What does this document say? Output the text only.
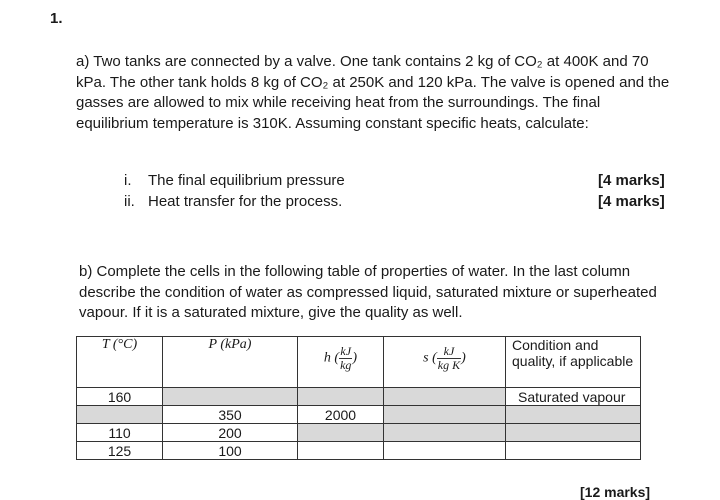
1.
a) Two tanks are connected by a valve. One tank contains 2 kg of CO₂ at 400K and 70 kPa. The other tank holds 8 kg of CO₂ at 250K and 120 kPa. The valve is opened and the gasses are allowed to mix while receiving heat from the surroundings. The final equilibrium temperature is 310K. Assuming constant specific heats, calculate:
i. The final equilibrium pressure	[4 marks]
ii. Heat transfer for the process.	[4 marks]
b) Complete the cells in the following table of properties of water. In the last column describe the condition of water as compressed liquid, saturated mixture or superheated vapour. If it is a saturated mixture, give the quality as well.
T (°C)	P (kPa)	h ( $\frac{kJ}{kg}$ )	s ( $\frac{kJ}{\text{kg K}}$ )	Condition and quality, if applicable
160				Saturated vapour
	350	2000		
110	200			
125	100			
[12 marks]
